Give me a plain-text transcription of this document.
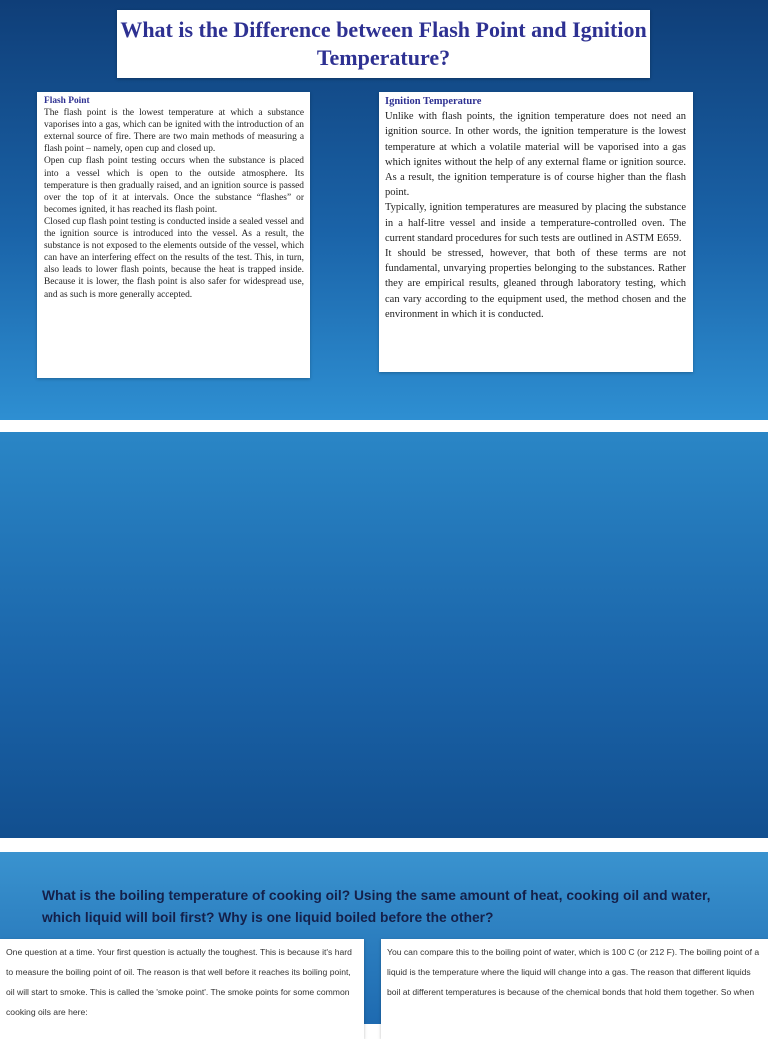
What is the Difference between Flash Point and Ignition Temperature?
Flash Point

The flash point is the lowest temperature at which a substance vaporises into a gas, which can be ignited with the introduction of an external source of fire. There are two main methods of measuring a flash point – namely, open cup and closed up.

Open cup flash point testing occurs when the substance is placed into a vessel which is open to the outside atmosphere. Its temperature is then gradually raised, and an ignition source is passed over the top of it at intervals. Once the substance “flashes” or becomes ignited, it has reached its flash point.

Closed cup flash point testing is conducted inside a sealed vessel and the ignition source is introduced into the vessel. As a result, the substance is not exposed to the elements outside of the vessel, which can have an interfering effect on the results of the test. This, in turn, also leads to lower flash points, because the heat is trapped inside. Because it is lower, the flash point is also safer for widespread use, and as such is more generally accepted.

Ignition Temperature

Unlike with flash points, the ignition temperature does not need an ignition source. In other words, the ignition temperature is the lowest temperature at which a volatile material will be vaporised into a gas which ignites without the help of any external flame or ignition source. As a result, the ignition temperature is of course higher than the flash point.

Typically, ignition temperatures are measured by placing the substance in a half-litre vessel and inside a temperature-controlled oven. The current standard procedures for such tests are outlined in ASTM E659.

It should be stressed, however, that both of these terms are not fundamental, unvarying properties belonging to the substances. Rather they are empirical results, gleaned through laboratory testing, which can vary according to the equipment used, the method chosen and the environment in which it is conducted.

What is the boiling temperature of cooking oil? Using the same amount of heat, cooking oil and water, which liquid will boil first? Why is one liquid boiled before the other?

One question at a time. Your first question is actually the toughest. This is because it's hard to measure the boiling point of oil. The reason is that well before it reaches its boiling point, oil will start to smoke. This is called the 'smoke point'. The smoke points for some common cooking oils are here:

You can compare this to the boiling point of water, which is 100 C (or 212 F). The boiling point of a liquid is the temperature where the liquid will change into a gas. The reason that different liquids boil at different temperatures is because of the chemical bonds that hold them together. So when
